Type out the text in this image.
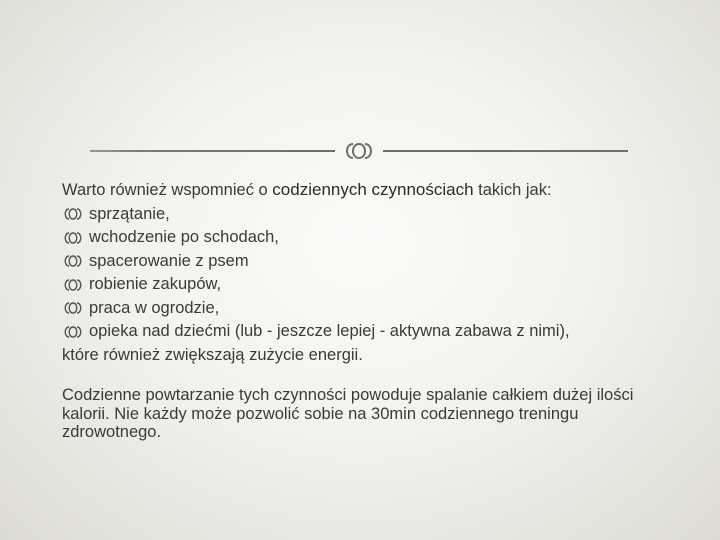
Warto również wspomnieć o codziennych czynnościach takich jak:
sprzątanie,
wchodzenie po schodach,
spacerowanie z psem
robienie zakupów,
praca w ogrodzie,
opieka nad dziećmi (lub - jeszcze lepiej - aktywna zabawa z nimi),
które również zwiększają zużycie energii.
Codzienne powtarzanie tych czynności powoduje spalanie całkiem dużej ilości kalorii. Nie każdy może pozwolić sobie na 30min codziennego treningu zdrowotnego.
